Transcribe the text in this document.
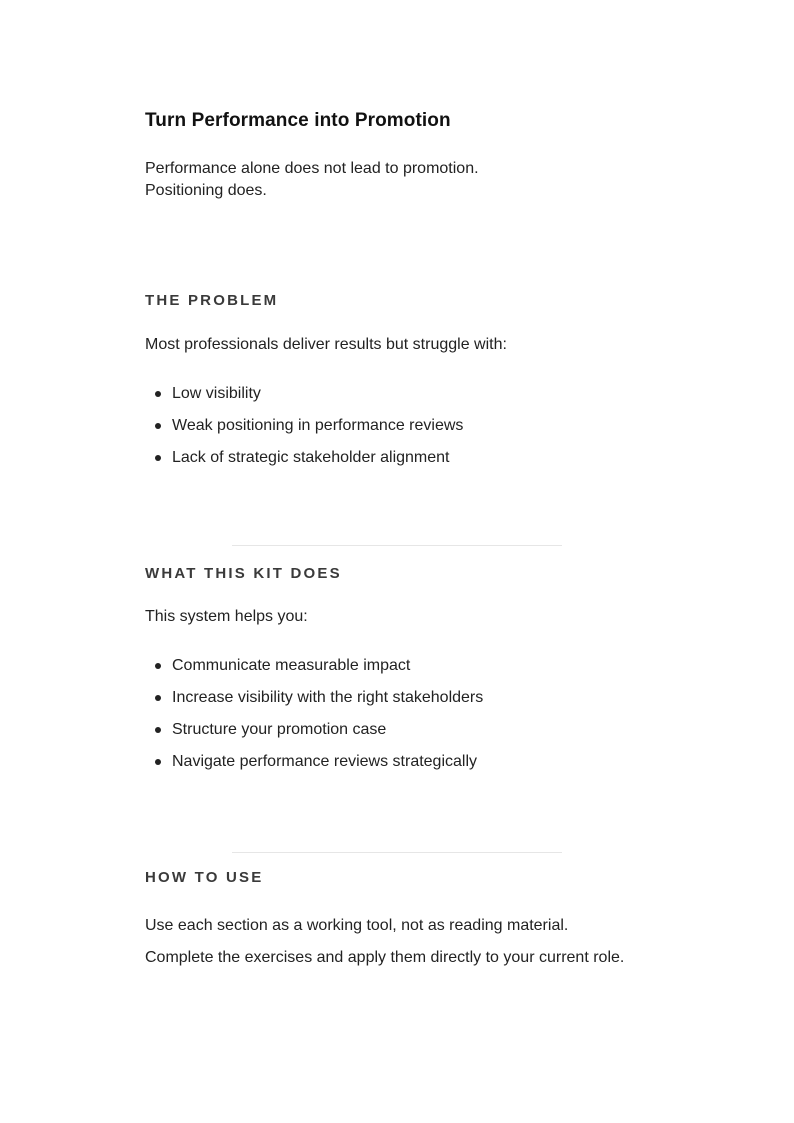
Turn Performance into Promotion

Performance alone does not lead to promotion.
Positioning does.

THE PROBLEM

Most professionals deliver results but struggle with:

Low visibility
Weak positioning in performance reviews
Lack of strategic stakeholder alignment
WHAT THIS KIT DOES

This system helps you:

Communicate measurable impact
Increase visibility with the right stakeholders
Structure your promotion case
Navigate performance reviews strategically
HOW TO USE

Use each section as a working tool, not as reading material.

Complete the exercises and apply them directly to your current role.
